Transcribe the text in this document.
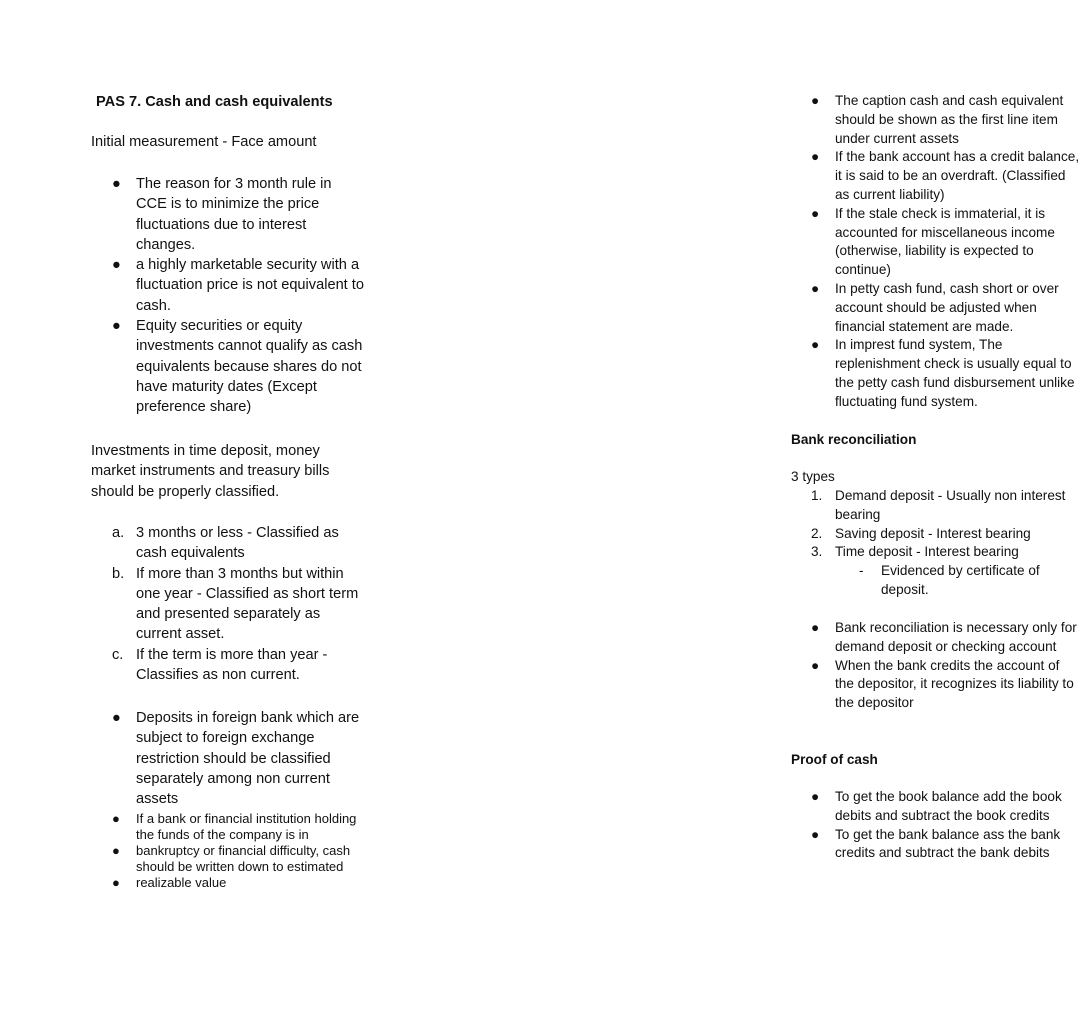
PAS 7. Cash and cash equivalents

Initial measurement - Face amount

●	The reason for 3 month rule in CCE is to minimize the price fluctuations due to interest changes.
●	a highly marketable security with a fluctuation price is not equivalent to cash.
●	Equity securities or equity investments cannot qualify as cash equivalents because shares do not have maturity dates (Except preference share)

Investments in time deposit, money market instruments and treasury bills should be properly classified.

a. 3 months or less - Classified as cash equivalents
b. If more than 3 months but within one year - Classified as short term and presented separately as current asset.
c. If the term is more than year - Classifies as non current.
●	Deposits in foreign bank which are subject to foreign exchange restriction should be classified separately among non current assets
●	If a bank or financial institution holding the funds of the company is in
●	bankruptcy or financial difficulty, cash should be written down to estimated
●	realizable value
●	The caption cash and cash equivalent should be shown as the first line item under current assets
●	If the bank account has a credit balance, it is said to be an overdraft. (Classified as current liability)
●	If the stale check is immaterial, it is accounted for miscellaneous income (otherwise, liability is expected to continue)
●	In petty cash fund, cash short or over account should be adjusted when financial statement are made.
●	In imprest fund system, The replenishment check is usually equal to the petty cash fund disbursement unlike fluctuating fund system.
Bank reconciliation

3 types

1. Demand deposit - Usually non interest bearing
2. Saving deposit - Interest bearing
3. Time deposit - Interest bearing
- Evidenced by certificate of deposit.
●	Bank reconciliation is necessary only for demand deposit or checking account
●	When the bank credits the account of the depositor, it recognizes its liability to the depositor
Proof of cash
●	To get the book balance add the book debits and subtract the book credits
●	To get the bank balance ass the bank credits and subtract the bank debits
